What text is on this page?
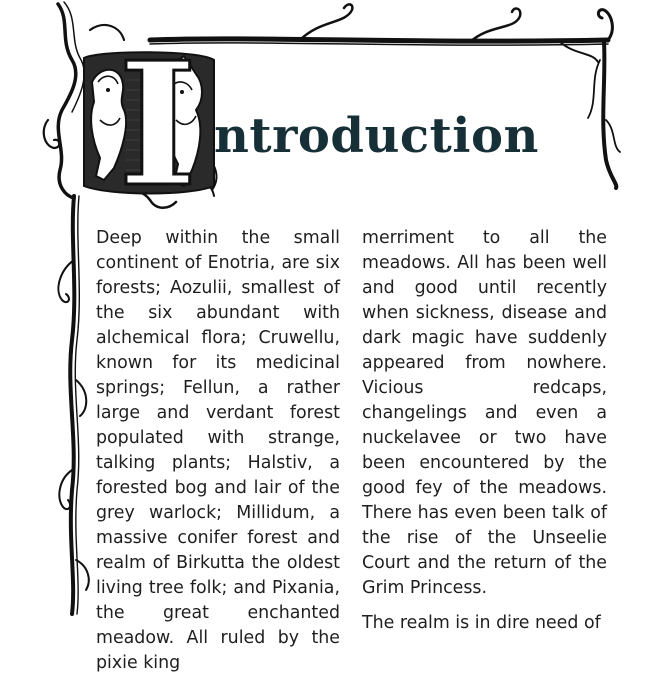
I ntroduction

Deep within the small continent of Enotria, are six forests; Aozulii, smallest of the six abundant with alchemical flora; Cruwellu, known for its medicinal springs; Fellun, a rather large and verdant forest populated with strange, talking plants; Halstiv, a forested bog and lair of the grey warlock; Millidum, a massive conifer forest and realm of Birkutta the oldest living tree folk; and Pixania, the great enchanted meadow. All ruled by the pixie king

merriment to all the meadows. All has been well and good until recently when sickness, disease and dark magic have suddenly appeared from nowhere. Vicious redcaps, changelings and even a nuckelavee or two have been encountered by the good fey of the meadows. There has even been talk of the rise of the Unseelie Court and the return of the Grim Princess.

The realm is in dire need of
